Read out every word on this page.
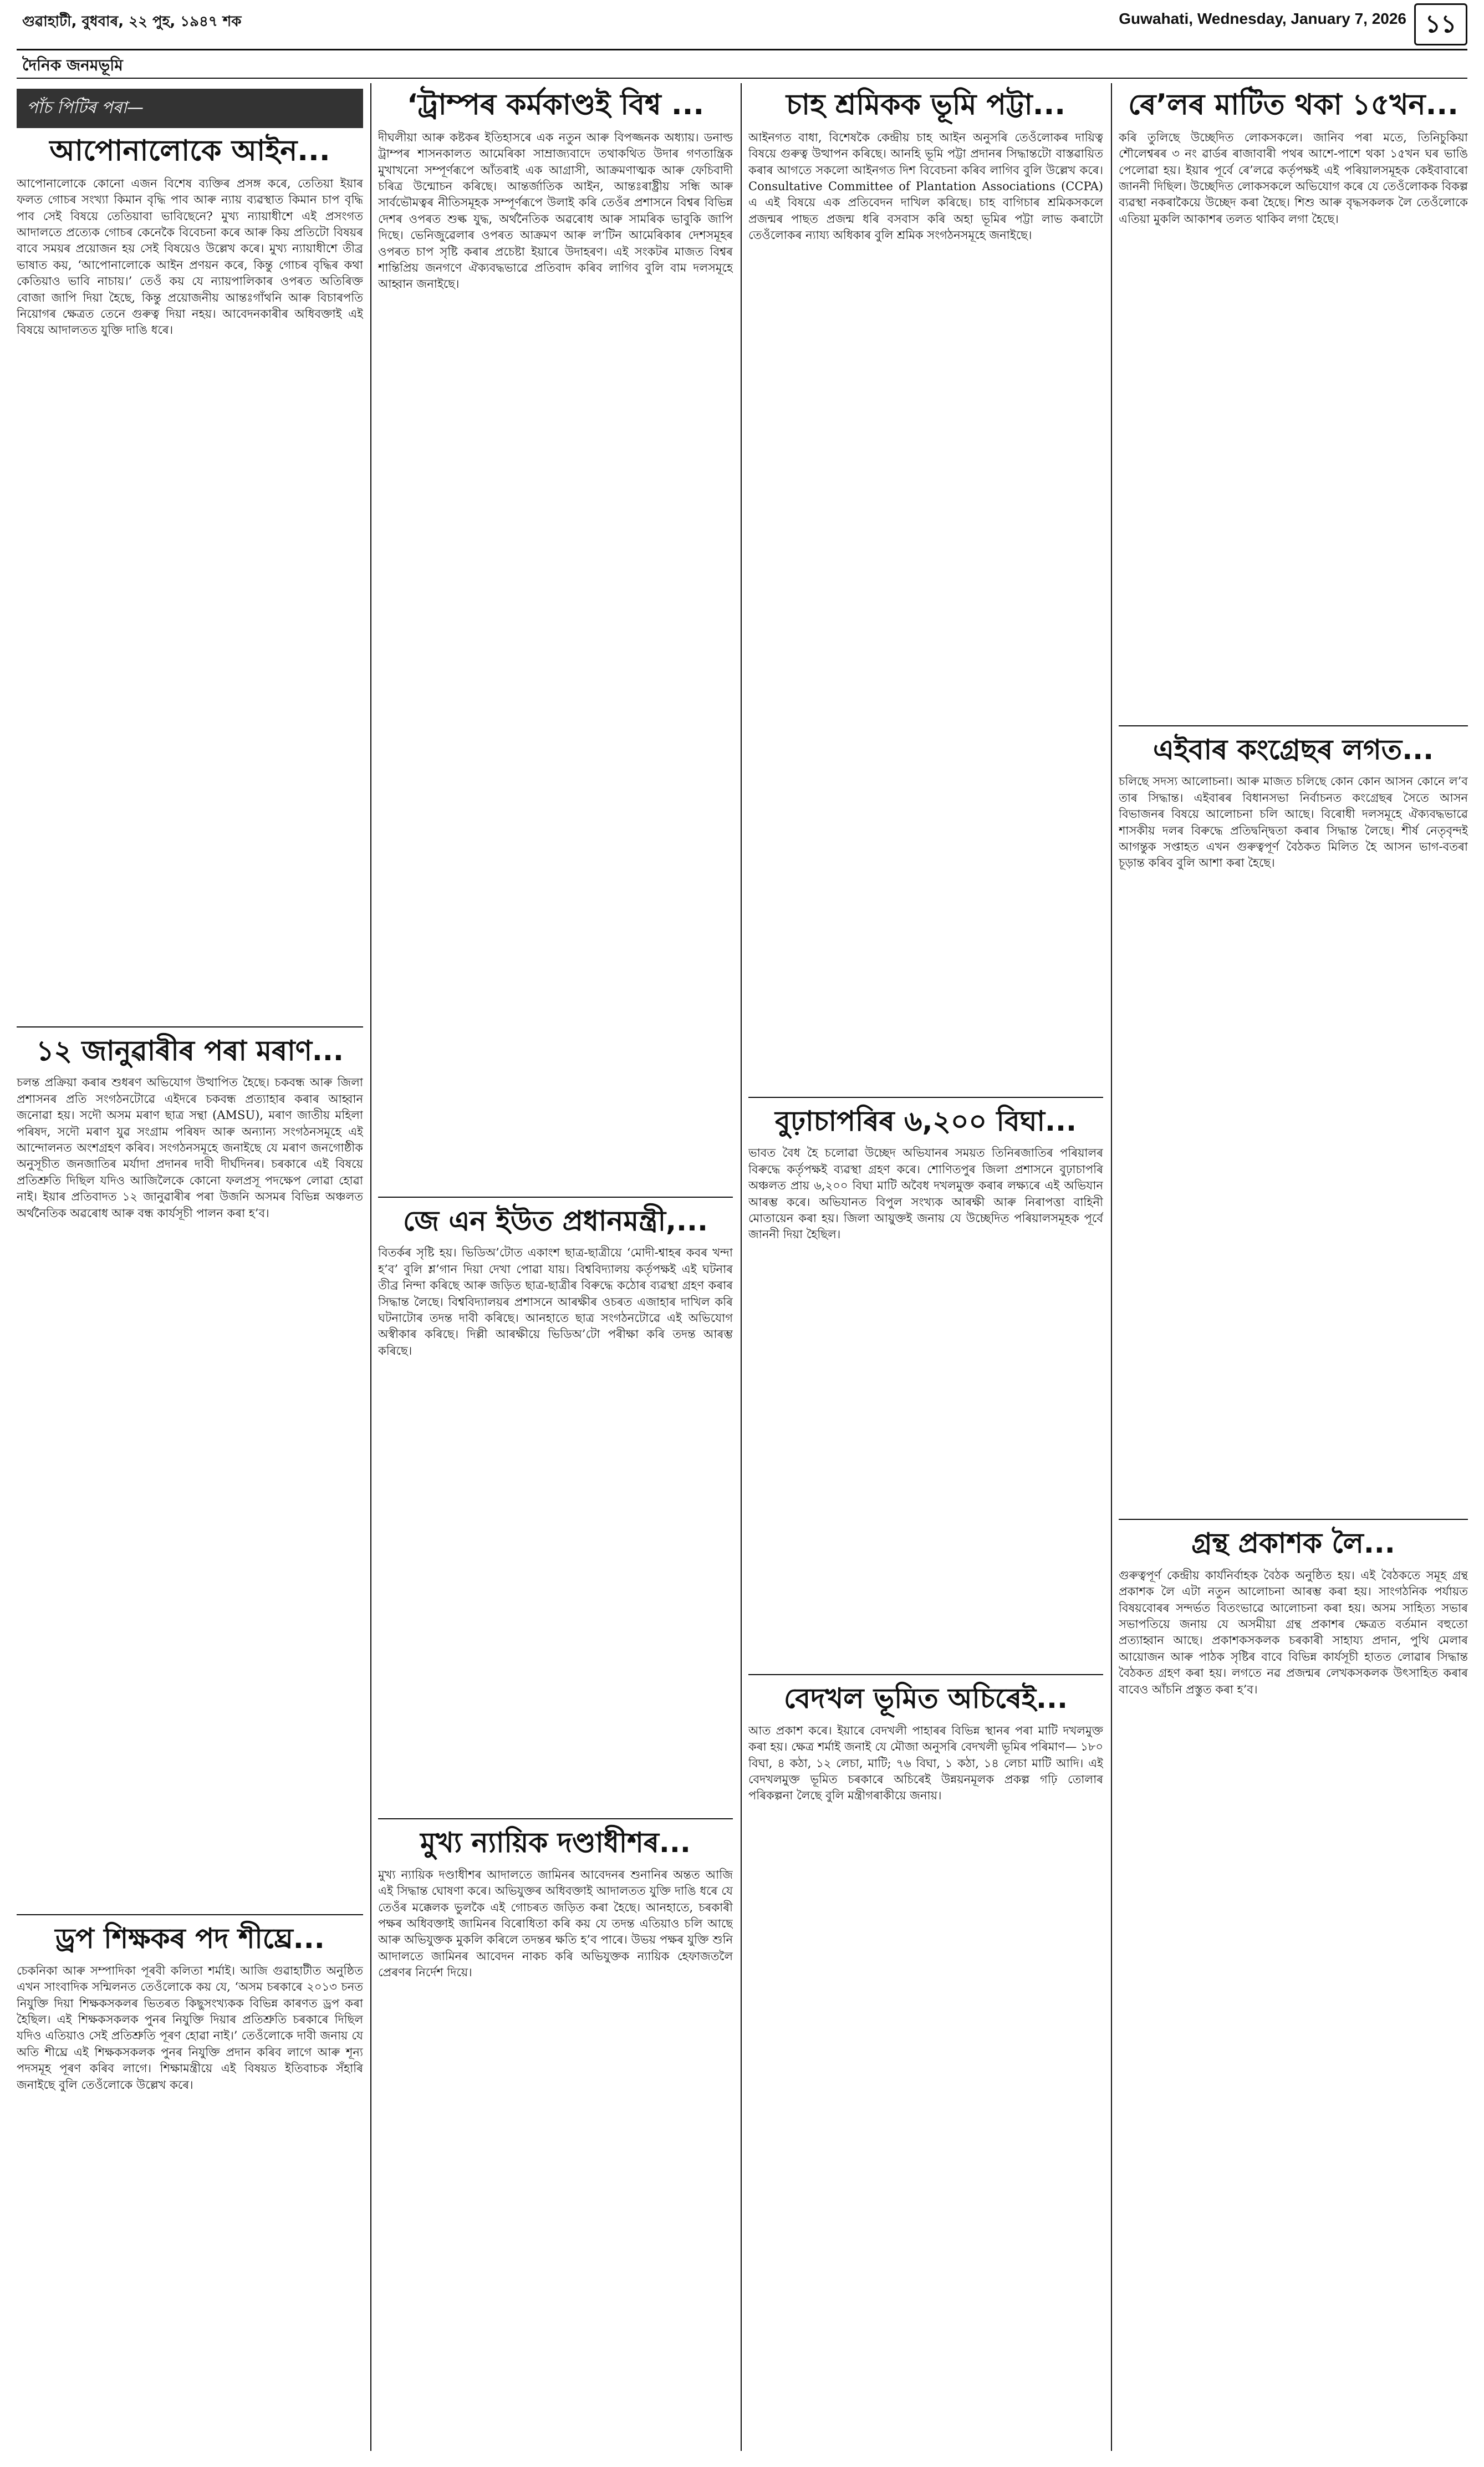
গুৱাহাটী, বুধবাৰ, ২২ পুহ, ১৯৪৭ শক	Guwahati, Wednesday, January 7, 2026 ১১
দৈনিক জনমভূমি
পাঁচ পিটিৰ পৰা—
আপোনালোকে আইন...

আপোনালোকে কোনো এজন বিশেষ ব্যক্তিৰ প্ৰসঙ্গ কৰে, তেতিয়া ইয়াৰ ফলত গোচৰ সংখ্যা কিমান বৃদ্ধি পাব আৰু ন্যায় ব্যৱস্থাত কিমান চাপ বৃদ্ধি পাব সেই বিষয়ে তেতিয়াবা ভাবিছেনে? মুখ্য ন্যায়াধীশে এই প্ৰসংগত আদালতে প্ৰত্যেক গোচৰ কেনেকৈ বিবেচনা কৰে আৰু কিয় প্ৰতিটো বিষয়ৰ বাবে সময়ৰ প্ৰয়োজন হয় সেই বিষয়েও উল্লেখ কৰে। মুখ্য ন্যায়াধীশে তীব্ৰ ভাষাত কয়, ‘আপোনালোকে আইন প্ৰণয়ন কৰে, কিন্তু গোচৰ বৃদ্ধিৰ কথা কেতিয়াও ভাবি নাচায়।’ তেওঁ কয় যে ন্যায়পালিকাৰ ওপৰত অতিৰিক্ত বোজা জাপি দিয়া হৈছে, কিন্তু প্ৰয়োজনীয় আন্তঃগাঁথনি আৰু বিচাৰপতি নিয়োগৰ ক্ষেত্ৰত তেনে গুৰুত্ব দিয়া নহয়। আবেদনকাৰীৰ অধিবক্তাই এই বিষয়ে আদালতত যুক্তি দাঙি ধৰে।

১২ জানুৱাৰীৰ পৰা মৰাণ...

চলন্ত প্ৰক্ৰিয়া কৰাৰ শুধৰণ অভিযোগ উত্থাপিত হৈছে। চকবন্ধ আৰু জিলা প্ৰশাসনৰ প্ৰতি সংগঠনটোৱে এইদৰে চকবন্ধ প্ৰত্যাহাৰ কৰাৰ আহ্বান জনোৱা হয়। সদৌ অসম মৰাণ ছাত্ৰ সন্থা (AMSU), মৰাণ জাতীয় মহিলা পৰিষদ, সদৌ মৰাণ যুৱ সংগ্ৰাম পৰিষদ আৰু অন্যান্য সংগঠনসমূহে এই আন্দোলনত অংশগ্ৰহণ কৰিব। সংগঠনসমূহে জনাইছে যে মৰাণ জনগোষ্ঠীক অনুসূচীত জনজাতিৰ মৰ্যাদা প্ৰদানৰ দাবী দীৰ্ঘদিনৰ। চৰকাৰে এই বিষয়ে প্ৰতিশ্ৰুতি দিছিল যদিও আজিলৈকে কোনো ফলপ্ৰসূ পদক্ষেপ লোৱা হোৱা নাই। ইয়াৰ প্ৰতিবাদত ১২ জানুৱাৰীৰ পৰা উজনি অসমৰ বিভিন্ন অঞ্চলত অৰ্থনৈতিক অৱৰোধ আৰু বন্ধ কাৰ্যসূচী পালন কৰা হ’ব।

ড্ৰপ শিক্ষকৰ পদ শীঘ্ৰে...

চেকনিকা আৰু সম্পাদিকা পূৰবী কলিতা শৰ্মাই। আজি গুৱাহাটীত অনুষ্ঠিত এখন সাংবাদিক সন্মিলনত তেওঁলোকে কয় যে, ‘অসম চৰকাৰে ২০১৩ চনত নিযুক্তি দিয়া শিক্ষকসকলৰ ভিতৰত কিছুসংখ্যকক বিভিন্ন কাৰণত ড্ৰপ কৰা হৈছিল। এই শিক্ষকসকলক পুনৰ নিযুক্তি দিয়াৰ প্ৰতিশ্ৰুতি চৰকাৰে দিছিল যদিও এতিয়াও সেই প্ৰতিশ্ৰুতি পূৰণ হোৱা নাই।’ তেওঁলোকে দাবী জনায় যে অতি শীঘ্ৰে এই শিক্ষকসকলক পুনৰ নিযুক্তি প্ৰদান কৰিব লাগে আৰু শূন্য পদসমূহ পূৰণ কৰিব লাগে। শিক্ষামন্ত্ৰীয়ে এই বিষয়ত ইতিবাচক সঁহাৰি জনাইছে বুলি তেওঁলোকে উল্লেখ কৰে।

‘ট্ৰাম্পৰ কৰ্মকাণ্ডই বিশ্ব ...

দীঘলীয়া আৰু কষ্টকৰ ইতিহাসৰে এক নতুন আৰু বিপজ্জনক অধ্যায়। ডনাল্ড ট্ৰাম্পৰ শাসনকালত আমেৰিকা সাম্ৰাজ্যবাদে তথাকথিত উদাৰ গণতান্ত্ৰিক মুখাখনো সম্পূৰ্ণৰূপে আঁতৰাই এক আগ্ৰাসী, আক্ৰমণাত্মক আৰু ফেচিবাদী চৰিত্ৰ উন্মোচন কৰিছে। আন্তৰ্জাতিক আইন, আন্তঃৰাষ্ট্ৰীয় সন্ধি আৰু সাৰ্বভৌমত্বৰ নীতিসমূহক সম্পূৰ্ণৰূপে উলাই কৰি তেওঁৰ প্ৰশাসনে বিশ্বৰ বিভিন্ন দেশৰ ওপৰত শুল্ক যুদ্ধ, অৰ্থনৈতিক অৱৰোধ আৰু সামৰিক ভাবুকি জাপি দিছে। ভেনিজুৱেলাৰ ওপৰত আক্ৰমণ আৰু ল’টিন আমেৰিকাৰ দেশসমূহৰ ওপৰত চাপ সৃষ্টি কৰাৰ প্ৰচেষ্টা ইয়াৰে উদাহৰণ। এই সংকটৰ মাজত বিশ্বৰ শান্তিপ্ৰিয় জনগণে ঐক্যবদ্ধভাৱে প্ৰতিবাদ কৰিব লাগিব বুলি বাম দলসমূহে আহ্বান জনাইছে।

জে এন ইউত প্ৰধানমন্ত্ৰী,...

বিতৰ্কৰ সৃষ্টি হয়। ভিডিঅ’টোত একাংশ ছাত্ৰ-ছাত্ৰীয়ে ‘মোদী-শ্বাহৰ কবৰ খন্দা হ’ব’ বুলি শ্ল’গান দিয়া দেখা পোৱা যায়। বিশ্ববিদ্যালয় কৰ্তৃপক্ষই এই ঘটনাৰ তীব্ৰ নিন্দা কৰিছে আৰু জড়িত ছাত্ৰ-ছাত্ৰীৰ বিৰুদ্ধে কঠোৰ ব্যৱস্থা গ্ৰহণ কৰাৰ সিদ্ধান্ত লৈছে। বিশ্ববিদ্যালয়ৰ প্ৰশাসনে আৰক্ষীৰ ওচৰত এজাহাৰ দাখিল কৰি ঘটনাটোৰ তদন্ত দাবী কৰিছে। আনহাতে ছাত্ৰ সংগঠনটোৱে এই অভিযোগ অস্বীকাৰ কৰিছে। দিল্লী আৰক্ষীয়ে ভিডিঅ’টো পৰীক্ষা কৰি তদন্ত আৰম্ভ কৰিছে।

মুখ্য ন্যায়িক দণ্ডাধীশৰ...

মুখ্য ন্যায়িক দণ্ডাধীশৰ আদালতে জামিনৰ আবেদনৰ শুনানিৰ অন্তত আজি এই সিদ্ধান্ত ঘোষণা কৰে। অভিযুক্তৰ অধিবক্তাই আদালতত যুক্তি দাঙি ধৰে যে তেওঁৰ মক্কেলক ভুলকৈ এই গোচৰত জড়িত কৰা হৈছে। আনহাতে, চৰকাৰী পক্ষৰ অধিবক্তাই জামিনৰ বিৰোধিতা কৰি কয় যে তদন্ত এতিয়াও চলি আছে আৰু অভিযুক্তক মুকলি কৰিলে তদন্তৰ ক্ষতি হ’ব পাৰে। উভয় পক্ষৰ যুক্তি শুনি আদালতে জামিনৰ আবেদন নাকচ কৰি অভিযুক্তক ন্যায়িক হেফাজতলৈ প্ৰেৰণৰ নিৰ্দেশ দিয়ে।

চাহ শ্ৰমিকক ভূমি পট্টা...

আইনগত বাধা, বিশেষকৈ কেন্দ্ৰীয় চাহ আইন অনুসৰি তেওঁলোকৰ দায়িত্ব বিষয়ে গুৰুত্ব উত্থাপন কৰিছে। আনহি ভূমি পট্টা প্ৰদানৰ সিদ্ধান্তটো বাস্তৱায়িত কৰাৰ আগতে সকলো আইনগত দিশ বিবেচনা কৰিব লাগিব বুলি উল্লেখ কৰে। Consultative Committee of Plantation Associations (CCPA) এ এই বিষয়ে এক প্ৰতিবেদন দাখিল কৰিছে। চাহ বাগিচাৰ শ্ৰমিকসকলে প্ৰজন্মৰ পাছত প্ৰজন্ম ধৰি বসবাস কৰি অহা ভূমিৰ পট্টা লাভ কৰাটো তেওঁলোকৰ ন্যায্য অধিকাৰ বুলি শ্ৰমিক সংগঠনসমূহে জনাইছে।

বুঢ়াচাপৰিৰ ৬,২০০ বিঘা...

ভাবত বৈধ হৈ চলোৱা উচ্ছেদ অভিযানৰ সময়ত তিনিৰজাতিৰ পৰিয়ালৰ বিৰুদ্ধে কৰ্তৃপক্ষই ব্যৱস্থা গ্ৰহণ কৰে। শোণিতপুৰ জিলা প্ৰশাসনে বুঢ়াচাপৰি অঞ্চলত প্ৰায় ৬,২০০ বিঘা মাটি অবৈধ দখলমুক্ত কৰাৰ লক্ষ্যৰে এই অভিযান আৰম্ভ কৰে। অভিযানত বিপুল সংখ্যক আৰক্ষী আৰু নিৰাপত্তা বাহিনী মোতায়েন কৰা হয়। জিলা আয়ুক্তই জনায় যে উচ্ছেদিত পৰিয়ালসমূহক পূৰ্বে জাননী দিয়া হৈছিল।

বেদখল ভূমিত অচিৰেই...

আত প্ৰকাশ কৰে। ইয়াৰে বেদখলী পাহাৰৰ বিভিন্ন স্থানৰ পৰা মাটি দখলমুক্ত কৰা হয়। ক্ষেত্ৰ শৰ্মাই জনাই যে মৌজা অনুসৰি বেদখলী ভূমিৰ পৰিমাণ— ১৮০ বিঘা, ৪ কঠা, ১২ লেচা, মাটি; ৭৬ বিঘা, ১ কঠা, ১৪ লেচা মাটি আদি। এই বেদখলমুক্ত ভূমিত চৰকাৰে অচিৰেই উন্নয়নমূলক প্ৰকল্প গঢ়ি তোলাৰ পৰিকল্পনা লৈছে বুলি মন্ত্ৰীগৰাকীয়ে জনায়।

ৰে’লৰ মাটিত থকা ১৫খন...

কৰি তুলিছে উচ্ছেদিত লোকসকলে। জানিব পৰা মতে, তিনিচুকিয়া শৌলেশ্বৰৰ ৩ নং ৱাৰ্ডৰ ৰাজাবাৰী পথৰ আশে-পাশে থকা ১৫খন ঘৰ ভাঙি পেলোৱা হয়। ইয়াৰ পূৰ্বে ৰে’লৱে কৰ্তৃপক্ষই এই পৰিয়ালসমূহক কেইবাবাৰো জাননী দিছিল। উচ্ছেদিত লোকসকলে অভিযোগ কৰে যে তেওঁলোকক বিকল্প ব্যৱস্থা নকৰাকৈয়ে উচ্ছেদ কৰা হৈছে। শিশু আৰু বৃদ্ধসকলক লৈ তেওঁলোকে এতিয়া মুকলি আকাশৰ তলত থাকিব লগা হৈছে।

এইবাৰ কংগ্ৰেছৰ লগত...

চলিছে সদস্য আলোচনা। আৰু মাজত চলিছে কোন কোন আসন কোনে ল’ব তাৰ সিদ্ধান্ত। এইবাৰৰ বিধানসভা নিৰ্বাচনত কংগ্ৰেছৰ সৈতে আসন বিভাজনৰ বিষয়ে আলোচনা চলি আছে। বিৰোধী দলসমূহে ঐক্যবদ্ধভাৱে শাসকীয় দলৰ বিৰুদ্ধে প্ৰতিদ্বন্দ্বিতা কৰাৰ সিদ্ধান্ত লৈছে। শীৰ্ষ নেতৃবৃন্দই আগন্তুক সপ্তাহত এখন গুৰুত্বপূৰ্ণ বৈঠকত মিলিত হৈ আসন ভাগ-বতৰা চূড়ান্ত কৰিব বুলি আশা কৰা হৈছে।

গ্ৰন্থ প্ৰকাশক লৈ...

গুৰুত্বপূৰ্ণ কেন্দ্ৰীয় কাৰ্যনিৰ্বাহক বৈঠক অনুষ্ঠিত হয়। এই বৈঠকতে সমূহ গ্ৰন্থ প্ৰকাশক লৈ এটা নতুন আলোচনা আৰম্ভ কৰা হয়। সাংগঠনিক পৰ্যায়ত বিষয়বোৰৰ সন্দৰ্ভত বিতংভাৱে আলোচনা কৰা হয়। অসম সাহিত্য সভাৰ সভাপতিয়ে জনায় যে অসমীয়া গ্ৰন্থ প্ৰকাশৰ ক্ষেত্ৰত বৰ্তমান বহুতো প্ৰত্যাহ্বান আছে। প্ৰকাশকসকলক চৰকাৰী সাহায্য প্ৰদান, পুথি মেলাৰ আয়োজন আৰু পাঠক সৃষ্টিৰ বাবে বিভিন্ন কাৰ্যসূচী হাতত লোৱাৰ সিদ্ধান্ত বৈঠকত গ্ৰহণ কৰা হয়। লগতে নৱ প্ৰজন্মৰ লেখকসকলক উৎসাহিত কৰাৰ বাবেও আঁচনি প্ৰস্তুত কৰা হ’ব।
